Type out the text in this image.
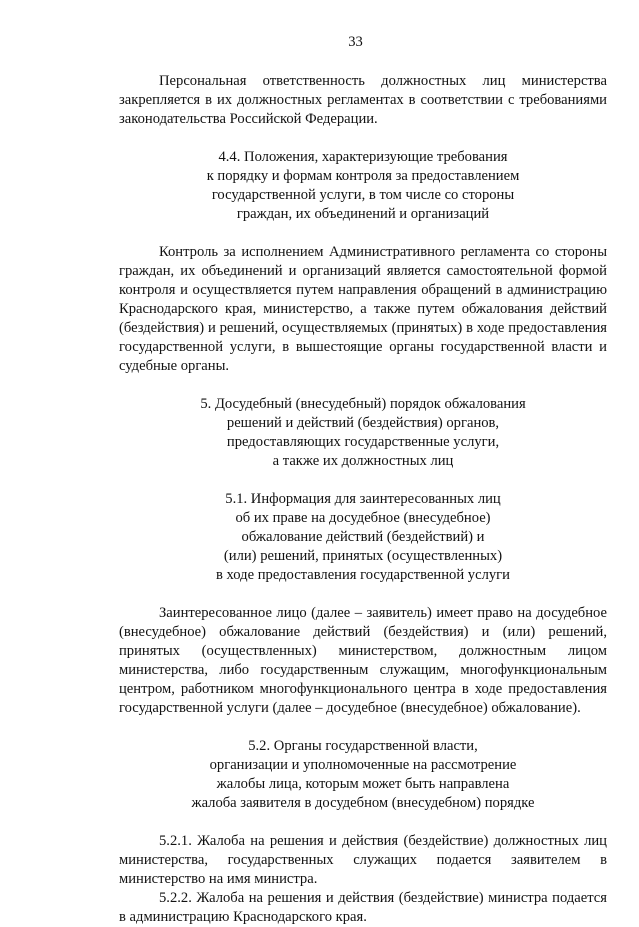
33

Персональная ответственность должностных лиц министерства закрепляется в их должностных регламентах в соответствии с требованиями законодательства Российской Федерации.

4.4. Положения, характеризующие требования
к порядку и формам контроля за предоставлением
государственной услуги, в том числе со стороны
граждан, их объединений и организаций

Контроль за исполнением Административного регламента со стороны граждан, их объединений и организаций является самостоятельной формой контроля и осуществляется путем направления обращений в администрацию Краснодарского края, министерство, а также путем обжалования действий (бездействия) и решений, осуществляемых (принятых) в ходе предоставления государственной услуги, в вышестоящие органы государственной власти и судебные органы.

5. Досудебный (внесудебный) порядок обжалования
решений и действий (бездействия) органов,
предоставляющих государственные услуги,
а также их должностных лиц
5.1. Информация для заинтересованных лиц
об их праве на досудебное (внесудебное)
обжалование действий (бездействий) и
(или) решений, принятых (осуществленных)
в ходе предоставления государственной услуги

Заинтересованное лицо (далее – заявитель) имеет право на досудебное (внесудебное) обжалование действий (бездействия) и (или) решений, принятых (осуществленных) министерством, должностным лицом министерства, либо государственным служащим, многофункциональным центром, работником многофункционального центра в ходе предоставления государственной услуги (далее – досудебное (внесудебное) обжалование).

5.2. Органы государственной власти,
организации и уполномоченные на рассмотрение
жалобы лица, которым может быть направлена
жалоба заявителя в досудебном (внесудебном) порядке

5.2.1. Жалоба на решения и действия (бездействие) должностных лиц министерства, государственных служащих подается заявителем в министерство на имя министра.

5.2.2. Жалоба на решения и действия (бездействие) министра подается в администрацию Краснодарского края.
